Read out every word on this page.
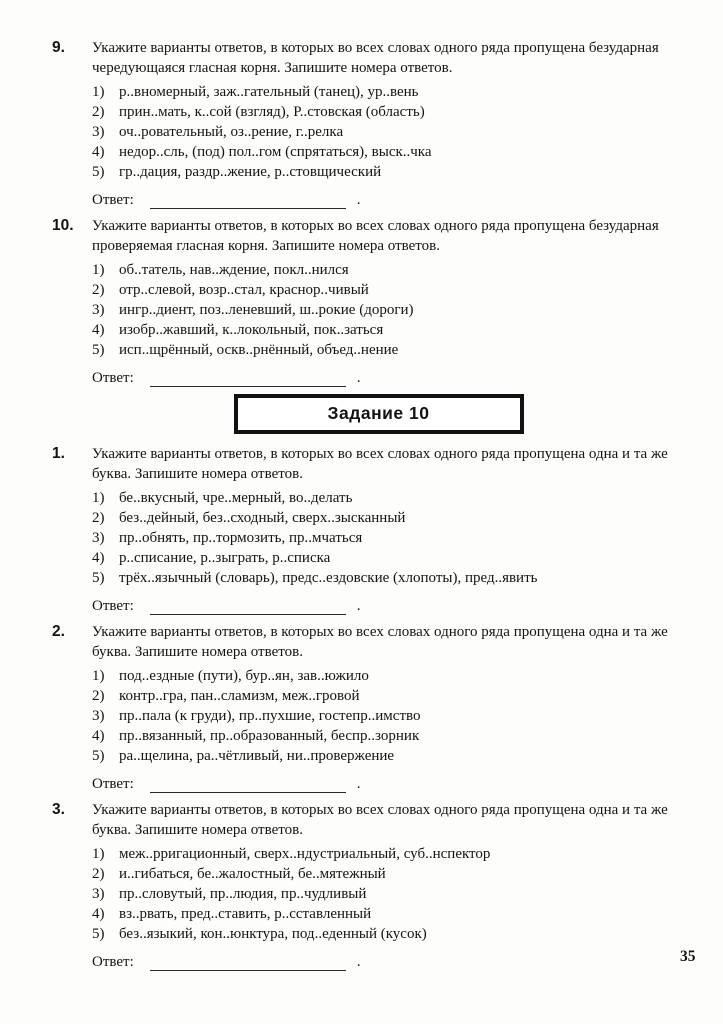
9.	Укажите варианты ответов, в которых во всех словах одного ряда пропущена безударная чередующаяся гласная корня. Запишите номера ответов.

1) р..вномерный, заж..гательный (танец), ур..вень
2) прин..мать, к..сой (взгляд), Р..стовская (область)
3) оч..ровательный, оз..рение, г..релка
4) недор..сль, (под) пол..гом (спрятаться), выск..чка
5) гр..дация, раздр..жение, р..стовщический
Ответ:	.
10.	Укажите варианты ответов, в которых во всех словах одного ряда пропущена безударная проверяемая гласная корня. Запишите номера ответов.

1) об..татель, нав..ждение, покл..нился
2) отр..слевой, возр..стал, краснор..чивый
3) ингр..диент, поз..леневший, ш..рокие (дороги)
4) изобр..жавший, к..локольный, пок..заться
5) исп..щрённый, оскв..рнённый, объед..нение
Ответ:	.
Задание 10
1.	Укажите варианты ответов, в которых во всех словах одного ряда пропущена одна и та же буква. Запишите номера ответов.

1) бе..вкусный, чре..мерный, во..делать
2) без..дейный, без..сходный, сверх..зысканный
3) пр..обнять, пр..тормозить, пр..мчаться
4) р..списание, р..зыграть, р..списка
5) трёх..язычный (словарь), предс..ездовские (хлопоты), пред..явить
Ответ:	.
2.	Укажите варианты ответов, в которых во всех словах одного ряда пропущена одна и та же буква. Запишите номера ответов.

1) под..ездные (пути), бур..ян, зав..южило
2) контр..гра, пан..сламизм, меж..гровой
3) пр..пала (к груди), пр..пухшие, гостепр..имство
4) пр..вязанный, пр..образованный, беспр..зорник
5) ра..щелина, ра..чётливый, ни..провержение
Ответ:	.
3.	Укажите варианты ответов, в которых во всех словах одного ряда пропущена одна и та же буква. Запишите номера ответов.

1) меж..рригационный, сверх..ндустриальный, суб..нспектор
2) и..гибаться, бе..жалостный, бе..мятежный
3) пр..словутый, пр..людия, пр..чудливый
4) вз..рвать, пред..ставить, р..сставленный
5) без..языкий, кон..юнктура, под..еденный (кусок)
Ответ:	.	35
